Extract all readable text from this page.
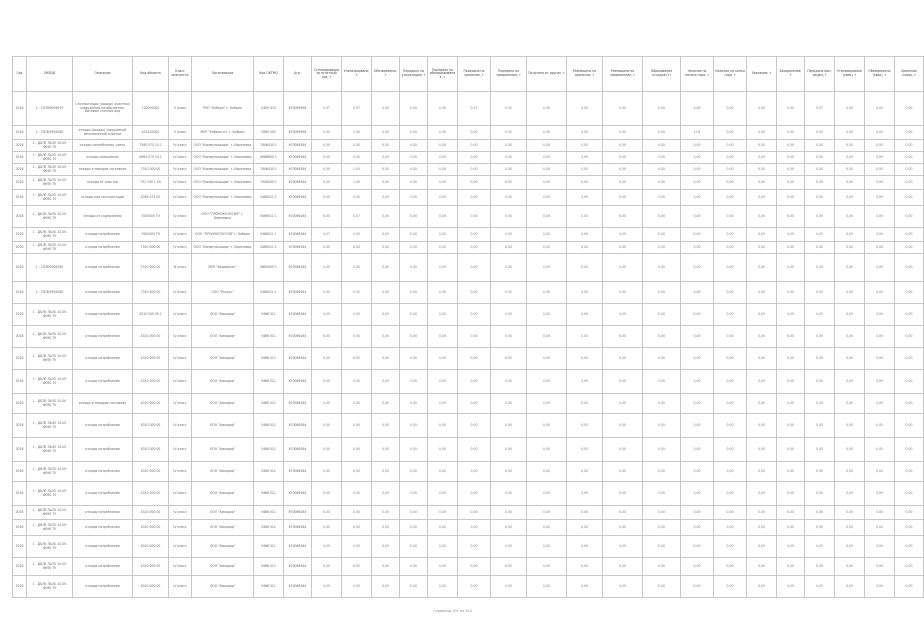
Год	ОКВЭД	Описание	Код объекта	Класс опасности	Организация	Код ОКТМО	Агр.	Сгенерировано за отчетный год, т	Утилизировано, т	Обезврежено, т	Передано на утилизацию, т	Передано на обезвреживание, т	Передано на хранение, т	Передано на захоронение, т	Получено от других, т	Размещено на хранение, т	Размещено на захоронение, т	Образование отходов (т)	Наличие на начало года, т	Наличие на конец года, т	Хранение, т	Захоронение, т	Передано физ. лицам, т	Утилизировано (свои), т	Обезврежено (свои), т	Хранение (свои), т
2016	1 - СПЛ99094670	Сточные воды (осадок) очистных сооружений хозяйственно-бытовых сточных вод	732000000	V класс	ЧУП "Кобрин" г. Кобрин	2469 470	670069996	0,07	0,07	0,00	0,00	0,00	0,07	0,00	0,00	0,00	0,00	0,00	0,00	0,00	0,00	0,00	0,07	0,00	0,00	0,00
2016	1 - СПЛ09304280	отходы (осадок) сооружений механической очистки	433120000	V класс	МУП "Кобрин сп" г. Кобрин	2660 005	670069996	0,00	1,05	0,00	0,00	0,00	0,00	0,00	0,00	0,00	0,00	0,00	1,05	0,00	0,00	0,00	0,00	0,00	0,00	0,00
2016	1 - ДБЛЕ ЛЬЗО 10-00 Ф090 ТУ	отходы потребления, смесь	7340 075 10 1	IV класс	ООО "Коммунальщик" г. Березовка	7046430 1	670066164	0,00	0,00	0,00	0,00	0,00	0,00	0,00	0,00	0,00	0,00	0,00	0,00	0,00	0,00	0,00	0,00	0,00	0,00	0,00
2016	1 - ДБЛЕ ЛЬЗО 10-00 Ф090 ТУ	отходы смешанные	4064 075 10 1	IV класс	ООО "Коммунальщик" г. Березовка	4066600 1	670066164	0,00	0,00	0,00	0,00	0,00	0,00	0,00	0,00	0,00	0,00	0,00	0,00	0,00	0,00	0,00	0,00	0,00	0,00	0,00
2016	1 - ДБЛЕ ЛЬЗО 10-00 Ф090 ТУ	отходы в твердом состоянии	7310 000 00	IV класс	ООО "Коммунальщик" г. Березовка	7046430 1	670066164	0,00	1,00	0,00	0,00	0,00	0,00	0,00	0,00	0,00	0,00	0,00	0,00	0,00	0,00	0,00	0,00	0,00	0,00	0,00
2016	1 - ДБЛЕ ЛЬЗО 10-00 Ф090 ТУ	отходы от очистки	731 100 1 00	IV класс	ООО "Коммунальщик" г. Березовка	7046430 1	670066164	0,00	1,00	0,00	0,00	0,00	0,00	0,00	0,00	0,00	0,00	0,00	0,00	0,00	0,00	0,00	0,00	0,00	0,00	0,00
2016	1 - ДБЛЕ ЛЬЗО 10-00 Ф090 ТУ	отходы при эксплуатации	4065 075 00	IV класс	ООО "Коммунальщик" г. Березовка	5466011 1	670066164	0,00	0,00	0,00	0,00	0,00	0,00	0,00	0,00	0,00	0,00	0,00	0,00	0,00	0,00	0,00	0,00	0,00	0,00	0,00
2016	1 - ДБЛЕ ЛЬЗО 10-00 Ф090 ТУ	отходы от содержания	7400000 ТЭ	IV класс	ООО "ПРОМЭКОЛОГИЯ" г. Березовка	5466011 1	670066164	0,00	0,07	0,00	0,00	0,00	0,00	0,00	0,00	0,00	0,00	0,00	0,00	0,00	0,00	0,00	0,00	0,00	0,00	0,00
2016	1 - ДБЛЕ ЛЬЗО 10-00 Ф090 ТУ	отходы потребления	7400000 ТЭ	IV класс	ООО "ПРОМЭКОЛОГИЯ" г. Кобрин	5466011 1	670066164	0,07	0,00	0,00	0,00	0,00	0,00	0,00	0,00	0,00	0,00	0,00	0,00	0,00	0,00	0,00	0,00	0,00	0,00	0,00
2016	1 - ДБЛЕ ЛЬЗО 10-00 Ф090 ТУ	отходы потребления	7310 000 00	IV класс	ООО "Коммунальщик" г. Березовка	5466011 1	670066164	0,00	0,00	0,00	0,00	0,00	0,00	0,00	0,00	0,00	0,00	0,00	0,00	0,00	0,00	0,00	0,00	0,00	0,00	0,00
2016	1 - СПЛ09304280	отходы потребления	7310 000 00	III класс	МУП "Водоканал"	4665400 1	670066164	0,00	0,00	0,00	0,00	0,00	0,00	0,00	0,00	0,00	0,00	0,00	0,00	0,00	0,00	0,00	0,00	0,00	0,00	0,00
2016	1 - СПЛ09304280	отходы потребления	7310 000 00	IV класс	ООО "Ресурс"	5466011 1	670066164	0,00	0,00	0,00	0,00	0,00	0,00	0,00	0,00	0,00	0,00	0,00	0,00	0,00	0,00	0,00	0,00	0,00	0,00	0,00
2016	1 - ДБЛЕ ЛЬЗО 10-00 Ф090 ТУ	отходы потребления	4310 000 00 1	IV класс	ООО "Амкодор"	5466 011	670066164	0,00	0,00	0,00	0,00	0,00	0,00	0,00	0,00	0,00	0,00	0,00	0,00	0,00	0,00	0,00	0,00	0,00	0,00	0,00
2016	1 - ДБЛЕ ЛЬЗО 10-00 Ф090 ТУ	отходы потребления	4310 000 00	IV класс	ООО "Амкодор"	5466 011	670066164	0,00	0,00	0,00	0,00	0,00	0,00	0,00	0,00	0,00	0,00	0,00	0,00	0,00	0,00	0,00	0,00	0,00	0,00	0,00
2016	1 - ДБЛЕ ЛЬЗО 10-00 Ф090 ТУ	отходы потребления	4310 000 00	IV класс	ООО "Амкодор"	5466 011	670066164	0,00	0,00	0,00	0,00	0,00	0,00	0,00	0,00	0,00	0,00	0,00	0,00	0,00	0,00	0,00	0,00	0,00	0,00	0,00
2016	1 - ДБЛЕ ЛЬЗО 10-00 Ф090 ТУ	отходы потребления	4310 000 00	IV класс	ООО "Амкодор"	5466 011	670066164	0,00	0,00	0,00	0,00	0,00	0,00	0,00	0,00	0,00	0,00	0,00	0,00	0,00	0,00	0,00	0,00	0,00	0,00	0,00
2016	1 - ДБЛЕ ЛЬЗО 10-00 Ф090 ТУ	отходы в твердом состоянии	4310 000 00	IV класс	ООО "Амкодор"	5466 011	670066164	0,00	0,00	0,00	0,00	0,00	0,00	0,00	0,00	0,00	0,00	0,00	0,00	0,00	0,00	0,00	0,00	0,00	0,00	0,00
2016	1 - ДБЛЕ ЛЬЗО 10-00 Ф090 ТУ	отходы потребления	4310 000 00	IV класс	ООО "Амкодор"	5466 011	670066164	0,00	0,00	0,00	0,00	0,00	0,00	0,00	0,00	0,00	0,00	0,00	0,00	0,00	0,00	0,00	0,00	0,00	0,00	0,00
2016	1 - ДБЛЕ ЛЬЗО 10-00 Ф090 ТУ	отходы потребления	4310 000 00	IV класс	ООО "Амкодор"	5466 011	670066164	0,00	0,00	0,00	0,00	0,00	0,00	0,00	0,00	0,00	0,00	0,00	0,00	0,00	0,00	0,00	0,00	0,00	0,00	0,00
2016	1 - ДБЛЕ ЛЬЗО 10-00 Ф090 ТУ	отходы потребления	4310 000 00	IV класс	ООО "Амкодор"	5466 011	670066164	0,00	0,00	0,00	0,00	0,00	0,00	0,00	0,00	0,00	0,00	0,00	0,00	0,00	0,00	0,00	0,00	0,00	0,00	0,00
2016	1 - ДБЛЕ ЛЬЗО 10-00 Ф090 ТУ	отходы потребления	4310 000 00	IV класс	ООО "Амкодор"	5466 011	670066164	0,00	0,00	0,00	0,00	0,00	0,00	0,00	0,00	0,00	0,00	0,00	0,00	0,00	0,00	0,00	0,00	0,00	0,00	0,00
2016	1 - ДБЛЕ ЛЬЗО 10-00 Ф090 ТУ	отходы потребления	4310 000 00	IV класс	ООО "Амкодор"	5466 011	670066164	0,00	0,00	0,00	0,00	0,00	0,00	0,00	0,00	0,00	0,00	0,00	0,00	0,00	0,00	0,00	0,00	0,00	0,00	0,00
2016	1 - ДБЛЕ ЛЬЗО 10-00 Ф090 ТУ	отходы потребления	4310 000 00	IV класс	ООО "Амкодор"	5466 011	670066164	0,00	0,00	0,00	0,00	0,00	0,00	0,00	0,00	0,00	0,00	0,00	0,00	0,00	0,00	0,00	0,00	0,00	0,00	0,00
2016	1 - ДБЛЕ ЛЬЗО 10-00 Ф090 ТУ	отходы потребления	4310 000 00	IV класс	ООО "Амкодор"	5466 011	670066164	0,00	0,00	0,00	0,00	0,00	0,00	0,00	0,00	0,00	0,00	0,00	0,00	0,00	0,00	0,00	0,00	0,00	0,00	0,00
2016	1 - ДБЛЕ ЛЬЗО 10-00 Ф090 ТУ	отходы потребления	4310 000 00	IV класс	ООО "Амкодор"	5466 011	670066164	0,00	0,00	0,00	0,00	0,00	0,00	0,00	0,00	0,00	0,00	0,00	0,00	0,00	0,00	0,00	0,00	0,00	0,00	0,00
2016	1 - ДБЛЕ ЛЬЗО 10-00 Ф090 ТУ	отходы потребления	4310 000 00	IV класс	ООО "Амкодор"	5466 011	670066164	0,00	0,00	0,00	0,00	0,00	0,00	0,00	0,00	0,00	0,00	0,00	0,00	0,00	0,00	0,00	0,00	0,00	0,00	0,00
Страница 101 из 224
